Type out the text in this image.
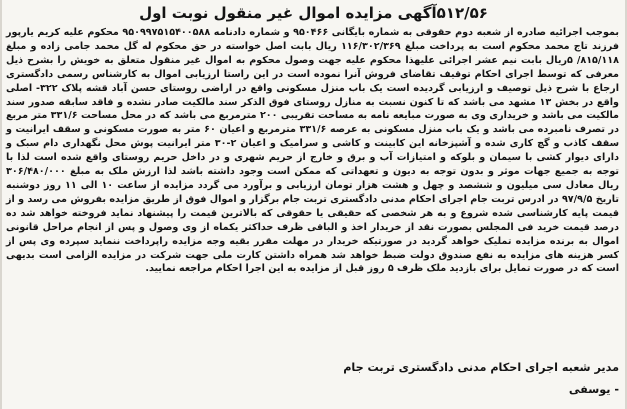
۵۱۲/۵۶آگهی مزایده اموال غیر منقول نوبت اول
بموجب اجرائیه صادره از شعبه دوم حقوقی به شماره بایگانی ۹۵۰۴۶۶ و شماره دادنامه ۹۵۰۹۹۷۵۱۵۴۰۰۵۸۸ محکوم علیه کریم یارپور فرزند تاج محمد محکوم است به پرداخت مبلغ ۱۱۶/۳۰۲/۳۶۹ ریال بابت اصل خواسته در حق محکوم له گل محمد جامی زاده و مبلغ ۸۱۵/۱۱۸/ ۵ریال بابت نیم عشر اجرائی علیهذا محکوم علیه جهت وصول محکوم به اموال غیر منقول متعلق به خویش را بشرح ذیل معرفی که توسط اجرای احکام توقیف تقاضای فروش آنرا نموده است در این راستا ارزیابی اموال به کارشناس رسمی دادگستری ارجاع با شرح ذیل توصیف و ارزیابی گردیده است یک باب منزل مسکونی واقع در اراضی روستای حسن آباد قشه پلاک ۳۲۲- اصلی واقع در بخش ۱۳ مشهد می باشد که تا کنون نسبت به منازل روستای فوق الذکر سند مالکیت صادر نشده و فاقد سابقه صدور سند مالکیت می باشد و خریداری وی به صورت مبایعه نامه به مساحت تقریبی ۲۰۰ مترمربع می باشد که در محل مساحت ۳۳۱/۶ متر مربع در تصرف نامبرده می باشد و یک باب منزل مسکونی به عرصه ۳۳۱/۶ مترمربع و اعیان ۶۰ متر به صورت مسکونی و سقف ایرانیت و سقف کاذب و گچ کاری شده و آشپزخانه این کابینت و کاشی و سرامیک و اعیان ۲-۳۰ متر ایرانیت پوش محل نگهداری دام سبک و دارای دیوار کشی با سیمان و بلوکه و امتیازات آب و برق و خارج از حریم شهری و در داخل حریم روستای واقع شده است لذا با توجه به جمیع جهات موثر و بدون توجه به دیون و تعهداتی که ممکن است وجود داشته باشد لذا ارزش ملک به مبلغ ۳۰۶/۴۸۰/۰۰۰ ریال معادل سی میلیون و ششصد و چهل و هشت هزار تومان ارزیابی و برآورد می گردد مزایده از ساعت ۱۰ الی ۱۱ روز دوشنبه تاریخ ۹۷/۹/۵ در ادرس تربت جام اجرای احکام مدنی دادگستری تربت جام برگزار و اموال فوق از طریق مزایده بفروش می رسد و از قیمت پایه کارشناسی شده شروع و به هر شخصی که حقیقی یا حقوقی که بالاترین قیمت را پیشنهاد نماید فروخته خواهد شد ده درصد قیمت خرید فی المجلس بصورت نقد از خریدار اخذ و الباقی ظرف حداکثر یکماه از وی وصول و پس از انجام مراحل قانونی اموال به برنده مزایده تملیک خواهد گردید در صورتیکه خریدار در مهلت مقرر بقیه وجه مزایده راپرداخت ننماید سپرده وی پس از کسر هزینه های مزایده به نفع صندوق دولت ضبط خواهد شد همراه داشتن کارت ملی جهت شرکت در مزایده الزامی است بدیهی است که در صورت تمایل برای بازدید ملک ظرف ۵ روز قبل از مزایده به این اجرا احکام مراجعه نمایید.
مدیر شعبه اجرای احکام مدنی دادگستری تربت جام
- یوسفی
